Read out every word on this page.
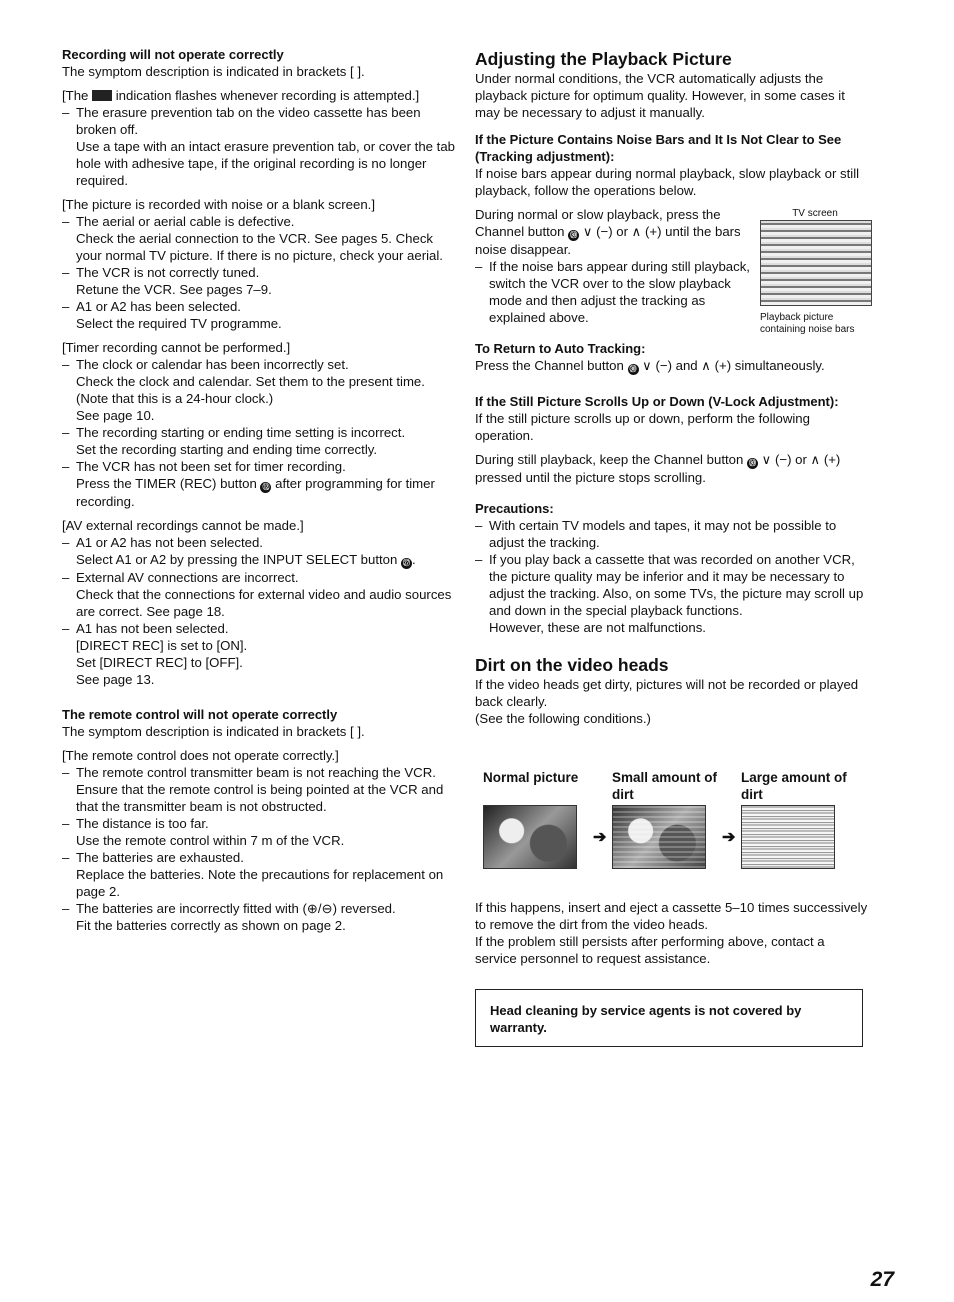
Recording will not operate correctly

The symptom description is indicated in brackets [ ].

[The indication flashes whenever recording is attempted.]

– The erasure prevention tab on the video cassette has been broken off.

Use a tape with an intact erasure prevention tab, or cover the tab hole with adhesive tape, if the original recording is no longer required.

[The picture is recorded with noise or a blank screen.]

– The aerial or aerial cable is defective.

Check the aerial connection to the VCR. See pages 5. Check your normal TV picture. If there is no picture, check your aerial.

– The VCR is not correctly tuned.

Retune the VCR. See pages 7–9.

– A1 or A2 has been selected.

Select the required TV programme.

[Timer recording cannot be performed.]

– The clock or calendar has been incorrectly set.

Check the clock and calendar. Set them to the present time. (Note that this is a 24-hour clock.)

See page 10.

– The recording starting or ending time setting is incorrect.

Set the recording starting and ending time correctly.

– The VCR has not been set for timer recording.

Press the TIMER (REC) button ⑫ after programming for timer recording.

[AV external recordings cannot be made.]

– A1 or A2 has not been selected.

Select A1 or A2 by pressing the INPUT SELECT button ㉗ .

– External AV connections are incorrect.

Check that the connections for external video and audio sources are correct. See page 18.

– A1 has not been selected.

[DIRECT REC] is set to [ON].

Set [DIRECT REC] to [OFF].

See page 13.

The remote control will not operate correctly

The symptom description is indicated in brackets [ ].

[The remote control does not operate correctly.]

– The remote control transmitter beam is not reaching the VCR.

Ensure that the remote control is being pointed at the VCR and that the transmitter beam is not obstructed.

– The distance is too far.

Use the remote control within 7 m of the VCR.

– The batteries are exhausted.

Replace the batteries. Note the precautions for replacement on page 2.

– The batteries are incorrectly fitted with (⊕/⊖) reversed.

Fit the batteries correctly as shown on page 2.

Adjusting the Playback Picture

Under normal conditions, the VCR automatically adjusts the playback picture for optimum quality. However, in some cases it may be necessary to adjust it manually.

If the Picture Contains Noise Bars and It Is Not Clear to See (Tracking adjustment):

If noise bars appear during normal playback, slow playback or still playback, follow the operations below.

TV screen
Playback picture containing noise bars

During normal or slow playback, press the Channel button ㉚ ∨ (−) or ∧ (+) until the bars noise disappear.

– If the noise bars appear during still playback, switch the VCR over to the slow playback mode and then adjust the tracking as explained above.

To Return to Auto Tracking:

Press the Channel button ㉚ ∨ (−) and ∧ (+) simultaneously.

If the Still Picture Scrolls Up or Down (V-Lock Adjustment):

If the still picture scrolls up or down, perform the following operation.

During still playback, keep the Channel button ㉚ ∨ (−) or ∧ (+) pressed until the picture stops scrolling.

Precautions:

– With certain TV models and tapes, it may not be possible to adjust the tracking.

– If you play back a cassette that was recorded on another VCR, the picture quality may be inferior and it may be necessary to adjust the tracking. Also, on some TVs, the picture may scroll up and down in the special playback functions.

However, these are not malfunctions.

Dirt on the video heads

If the video heads get dirty, pictures will not be recorded or played back clearly.

(See the following conditions.)

Normal picture
➔
Small amount of dirt
➔
Large amount of dirt

If this happens, insert and eject a cassette 5–10 times successively to remove the dirt from the video heads.

If the problem still persists after performing above, contact a service personnel to request assistance.

Head cleaning by service agents is not covered by warranty.
27
